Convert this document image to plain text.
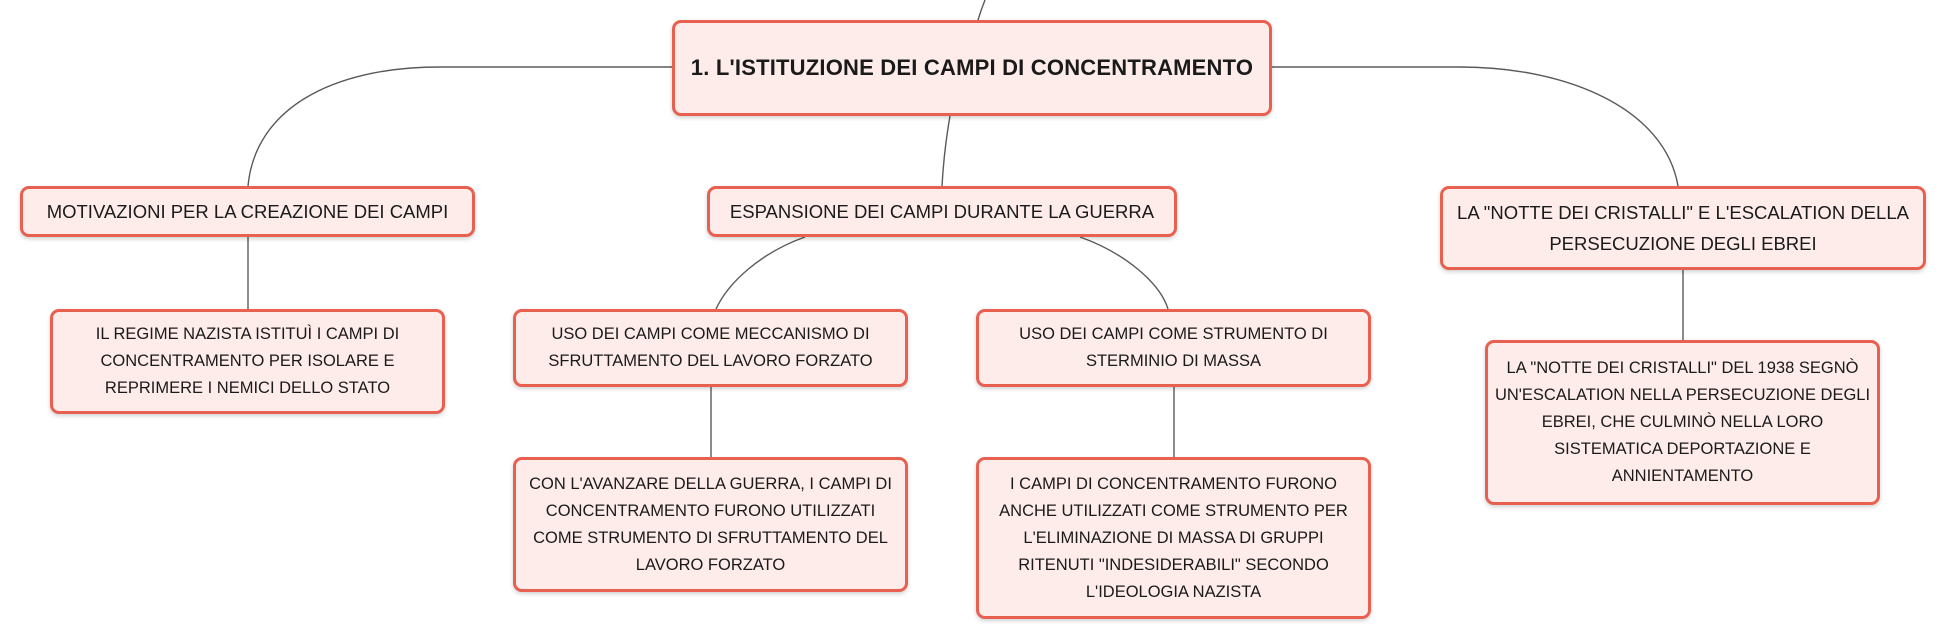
1. L'ISTITUZIONE DEI CAMPI DI CONCENTRAMENTO
MOTIVAZIONI PER LA CREAZIONE DEI CAMPI	ESPANSIONE DEI CAMPI DURANTE LA GUERRA	LA "NOTTE DEI CRISTALLI" E L'ESCALATION DELLA PERSECUZIONE DEGLI EBREI
IL REGIME NAZISTA ISTITUÌ I CAMPI DI CONCENTRAMENTO PER ISOLARE E REPRIMERE I NEMICI DELLO STATO
USO DEI CAMPI COME MECCANISMO DI SFRUTTAMENTO DEL LAVORO FORZATO
USO DEI CAMPI COME STRUMENTO DI STERMINIO DI MASSA
CON L'AVANZARE DELLA GUERRA, I CAMPI DI CONCENTRAMENTO FURONO UTILIZZATI COME STRUMENTO DI SFRUTTAMENTO DEL LAVORO FORZATO
I CAMPI DI CONCENTRAMENTO FURONO ANCHE UTILIZZATI COME STRUMENTO PER L'ELIMINAZIONE DI MASSA DI GRUPPI RITENUTI "INDESIDERABILI" SECONDO L'IDEOLOGIA NAZISTA
LA "NOTTE DEI CRISTALLI" DEL 1938 SEGNÒ UN'ESCALATION NELLA PERSECUZIONE DEGLI EBREI, CHE CULMINÒ NELLA LORO SISTEMATICA DEPORTAZIONE E ANNIENTAMENTO
